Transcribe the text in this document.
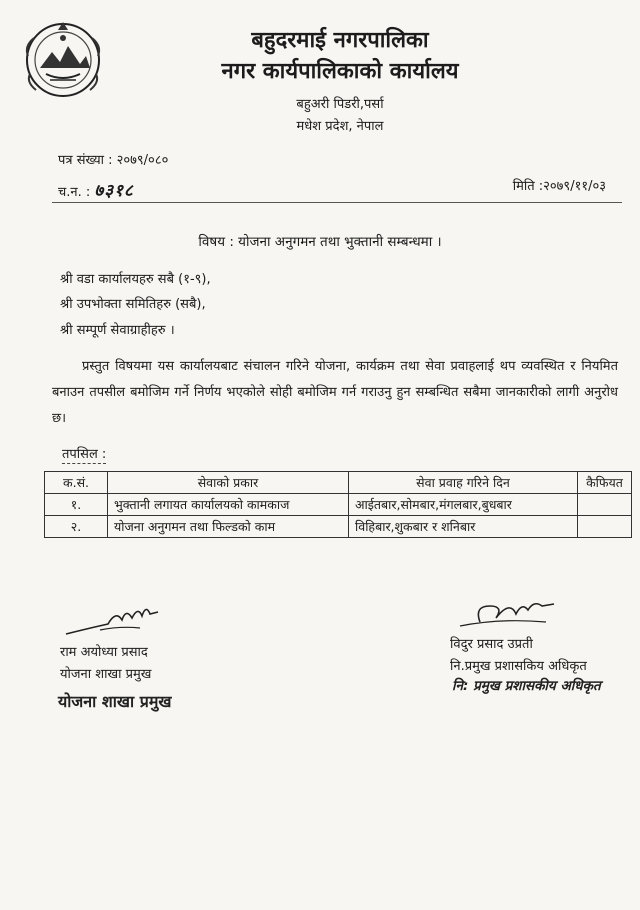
बहुदरमाई नगरपालिका
नगर कार्यपालिकाको कार्यालय
बहुअरी पिडरी,पर्सा
मधेश प्रदेश, नेपाल
पत्र संख्या : २०७९/०८०
च.न. : ७३१८	मिति :२०७९/११/०३
विषय : योजना अनुगमन तथा भुक्तानी सम्बन्धमा ।
श्री वडा कार्यालयहरु सबै (१-९),
श्री उपभोक्ता समितिहरु (सबै),
श्री सम्पूर्ण सेवाग्राहीहरु ।
प्रस्तुत विषयमा यस कार्यालयबाट संचालन गरिने योजना, कार्यक्रम तथा सेवा प्रवाहलाई थप व्यवस्थित र नियमित बनाउन तपसील बमोजिम गर्ने निर्णय भएकोले सोही बमोजिम गर्न गराउनु हुन सम्बन्धित सबैमा जानकारीको लागी अनुरोध छ।
तपसिल :
क.सं.	सेवाको प्रकार	सेवा प्रवाह गरिने दिन	कैफियत
१.	भुक्तानी लगायत कार्यालयको कामकाज	आईतबार,सोमबार,मंगलबार,बुधबार	
२.	योजना अनुगमन तथा फिल्डको काम	विहिबार,शुकबार र शनिबार	
राम अयोध्या प्रसाद
योजना शाखा प्रमुख
योजना शाखा प्रमुख
विदुर प्रसाद उप्रती
नि.प्रमुख प्रशासकिय अधिकृत
नि: प्रमुख प्रशासकीय अधिकृत
